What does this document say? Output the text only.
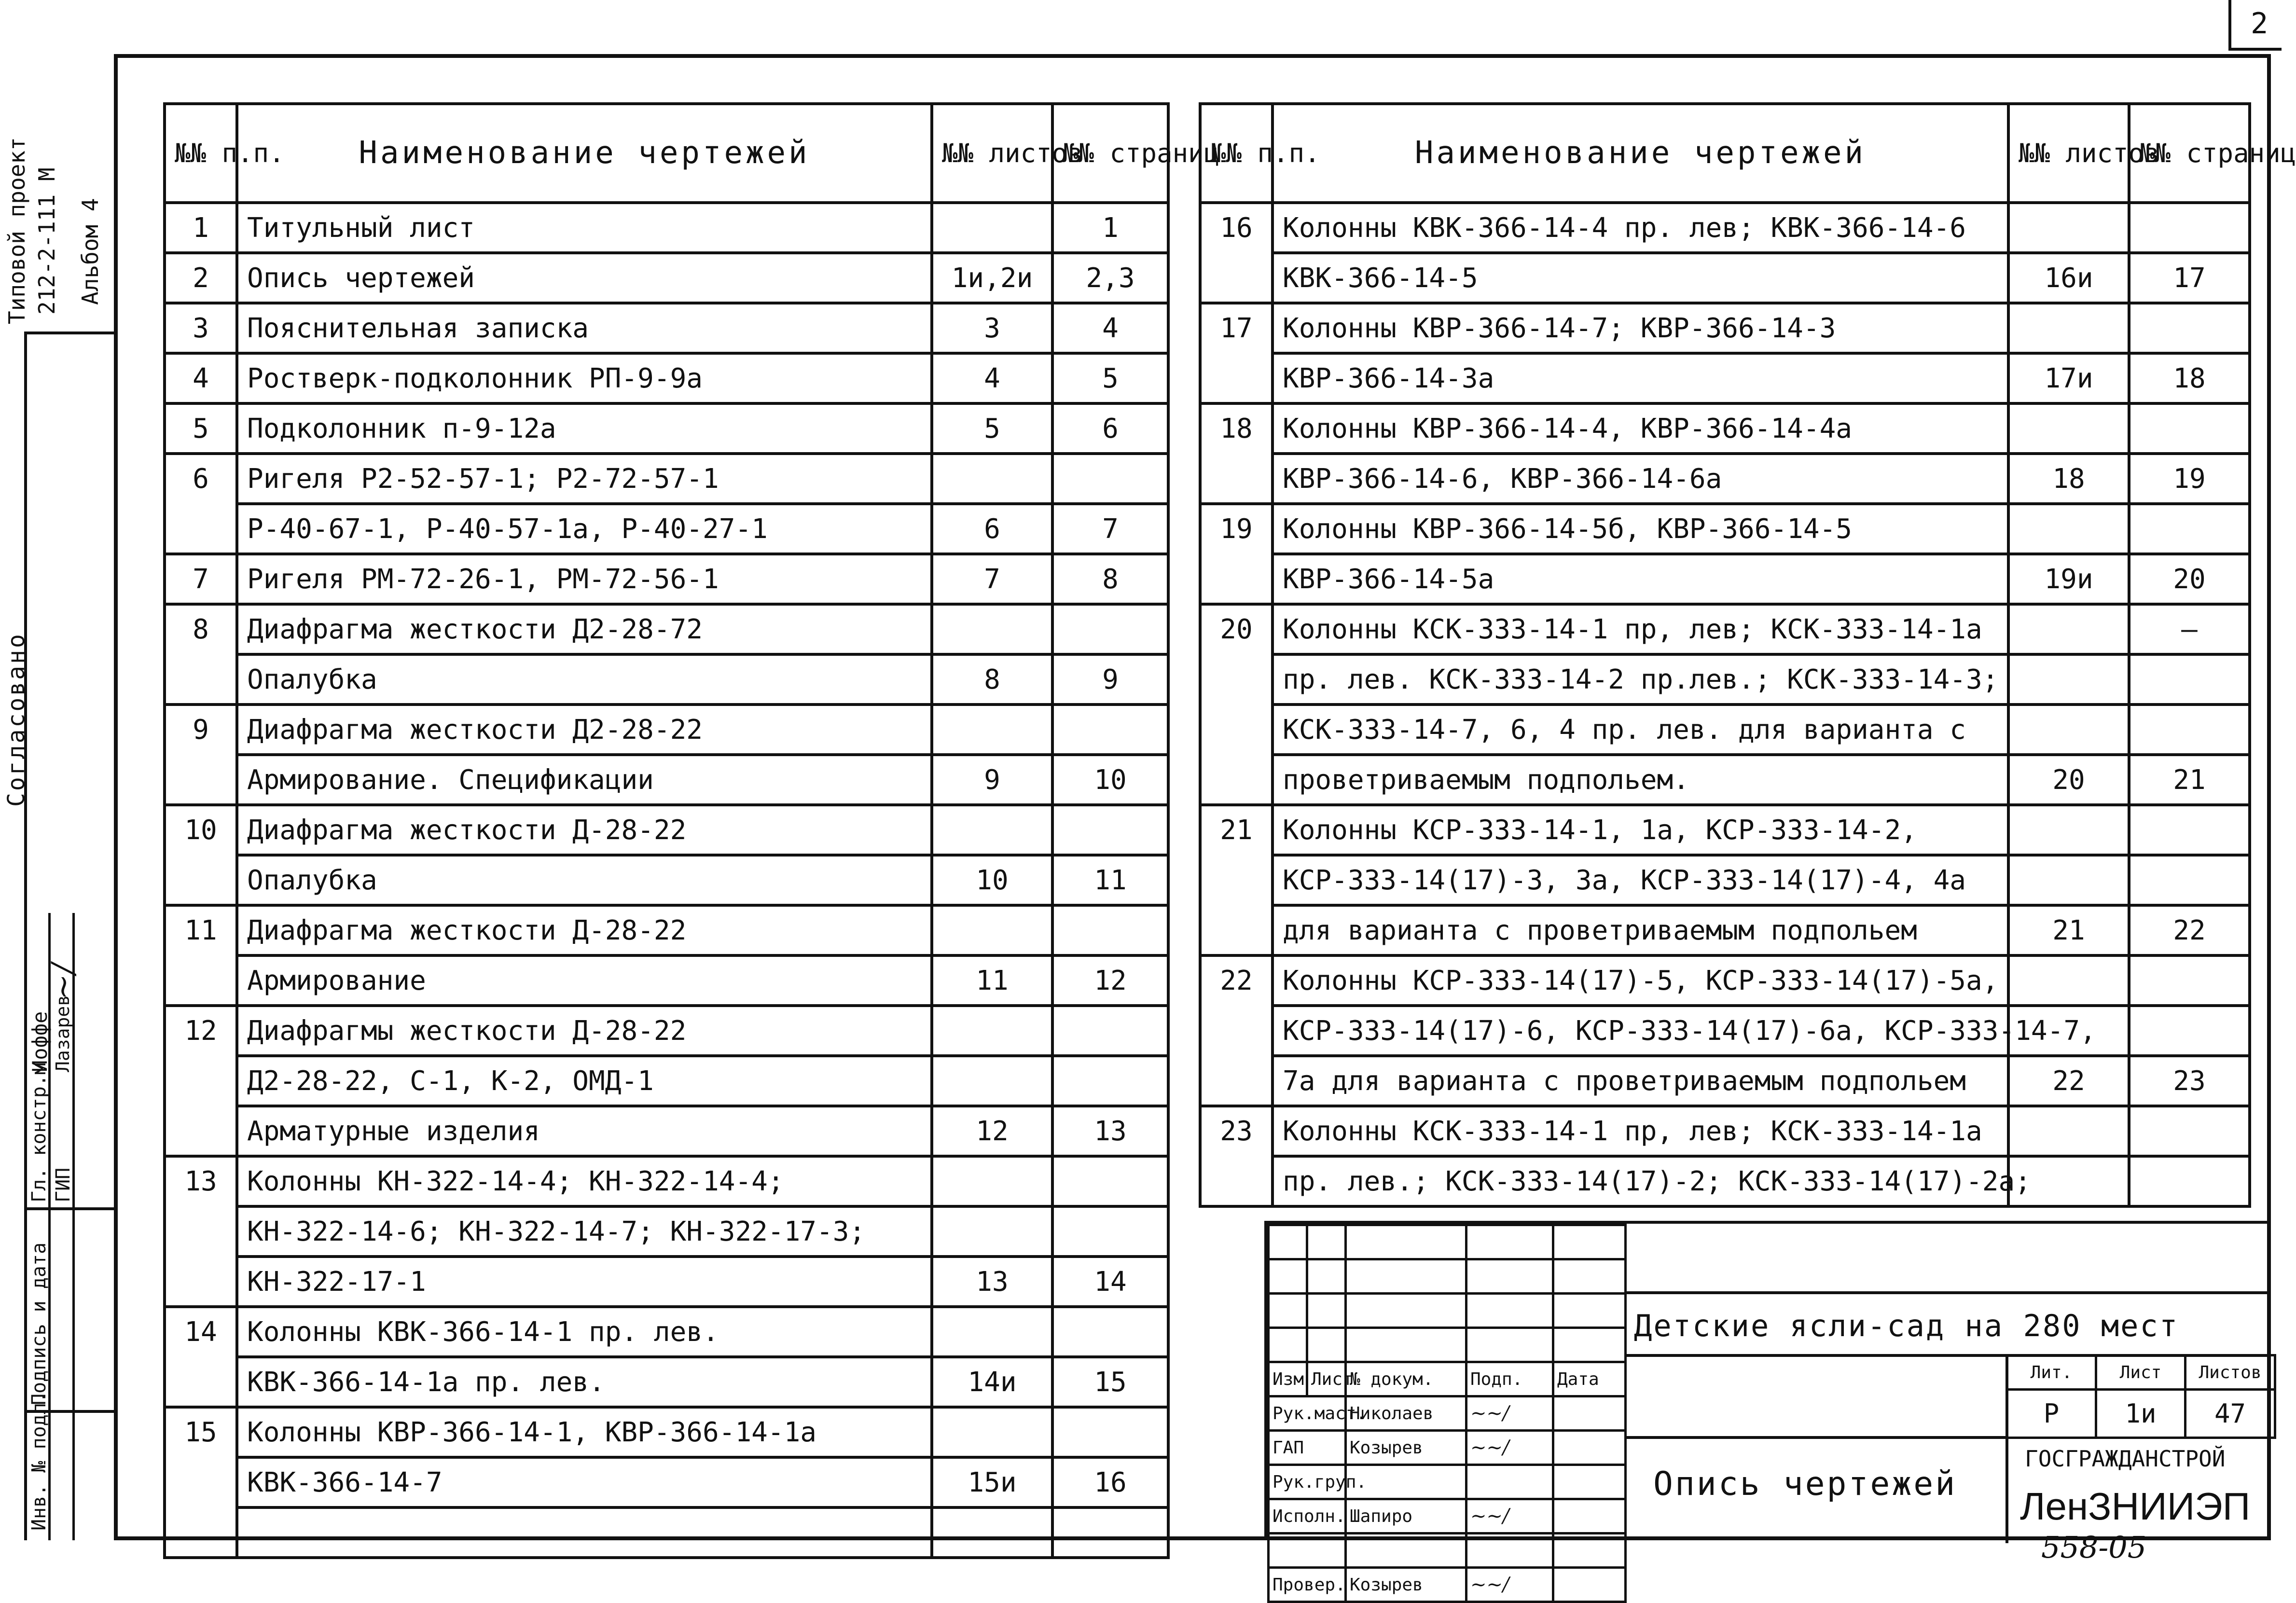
2
Типовой проект 212-2-111 М Альбом 4
Согласовано
Гл. констр.м ГИП
Иоффе Лазарев
~/
Подпись и дата
Инв. № подл.
№№ п.п.	Наименование чертежей	№№ листов	№№ страниц
1	Титульный лист		1
2	Опись чертежей	1и,2и	2,3
3	Пояснительная записка	3	4
4	Ростверк-подколонник РП-9-9а	4	5
5	Подколонник п-9-12а	5	6
6	Ригеля Р2-52-57-1; Р2-72-57-1		
	Р-40-67-1, Р-40-57-1а, Р-40-27-1	6	7
7	Ригеля РМ-72-26-1, РМ-72-56-1	7	8
8	Диафрагма жесткости Д2-28-72		
	Опалубка	8	9
9	Диафрагма жесткости Д2-28-22		
	Армирование. Спецификации	9	10
10	Диафрагма жесткости Д-28-22		
	Опалубка	10	11
11	Диафрагма жесткости Д-28-22		
	Армирование	11	12
12	Диафрагмы жесткости Д-28-22		
	Д2-28-22, С-1, К-2, ОМД-1		
	Арматурные изделия	12	13
13	Колонны КН-322-14-4; КН-322-14-4;		
	КН-322-14-6; КН-322-14-7; КН-322-17-3;		
	КН-322-17-1	13	14
14	Колонны КВК-366-14-1 пр. лев.		
	КВК-366-14-1а пр. лев.	14и	15
15	Колонны КВР-366-14-1, КВР-366-14-1а		
	КВК-366-14-7	15и	16

№№ п.п.	Наименование чертежей	№№ листов	№№ страниц
16	Колонны КВК-366-14-4 пр. лев; КВК-366-14-6		
	КВК-366-14-5	16и	17
17	Колонны КВР-366-14-7; КВР-366-14-3		
	КВР-366-14-3а	17и	18
18	Колонны КВР-366-14-4, КВР-366-14-4а		
	КВР-366-14-6, КВР-366-14-6а	18	19
19	Колонны КВР-366-14-5б, КВР-366-14-5		
	КВР-366-14-5а	19и	20
20	Колонны КСК-333-14-1 пр, лев; КСК-333-14-1а		—
	пр. лев. КСК-333-14-2 пр.лев.; КСК-333-14-3;		
	КСК-333-14-7, 6, 4 пр. лев. для варианта с		
	проветриваемым подпольем.	20	21
21	Колонны КСР-333-14-1, 1а, КСР-333-14-2,		
	КСР-333-14(17)-3, 3а, КСР-333-14(17)-4, 4а		
	для варианта с проветриваемым подпольем	21	22
22	Колонны КСР-333-14(17)-5, КСР-333-14(17)-5а,		
	КСР-333-14(17)-6, КСР-333-14(17)-6а, КСР-333-14-7,		
	7а для варианта с проветриваемым подпольем	22	23
23	Колонны КСК-333-14-1 пр, лев; КСК-333-14-1а		
	пр. лев.; КСК-333-14(17)-2; КСК-333-14(17)-2а;		

Изм	Лист	№ докум.	Подп.	Дата
Рук.маст.		Николаев	~~/	
ГАП		Козырев	~~/	
Рук.груп.				
Исполн.		Шапиро	~~/	

Провер.		Козырев	~~/	
Детские ясли-сад на 280 мест
Опись чертежей
Лит.	Лист	Листов
Р	1и	47
ГОСГРАЖДАНСТРОЙ
ЛенЗНИИЭП
558-05
